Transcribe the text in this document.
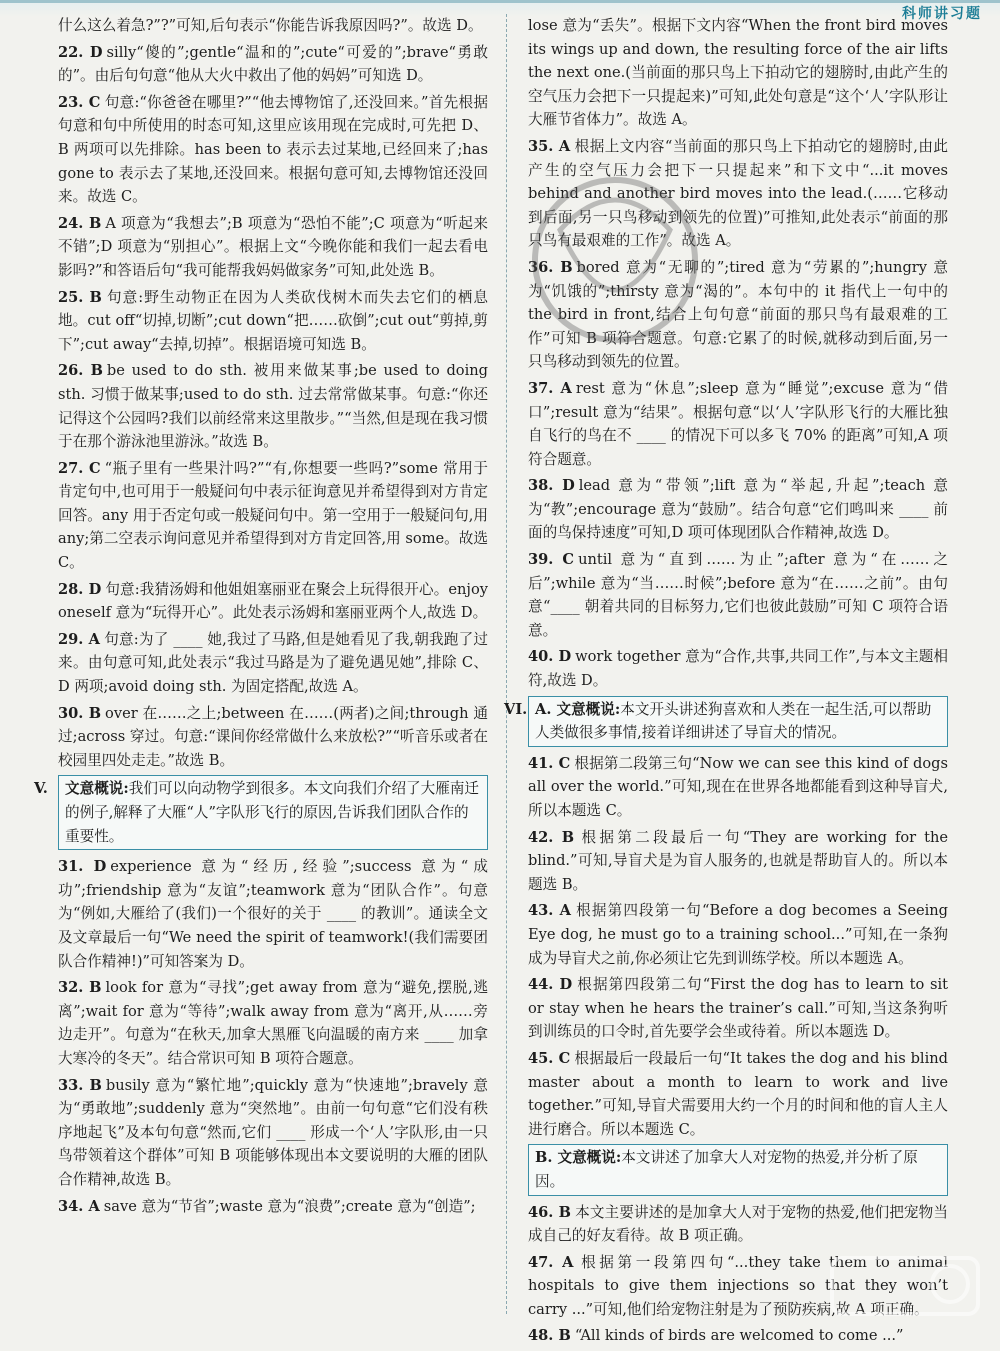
科师讲习题
什么这么着急?”?”可知,后句表示“你能告诉我原因吗?”。故选 D。
22. D silly“傻的”;gentle“温和的”;cute“可爱的”;brave“勇敢的”。由后句句意“他从大火中救出了他的妈妈”可知选 D。
23. C 句意:“你爸爸在哪里?”“他去博物馆了,还没回来。”首先根据句意和句中所使用的时态可知,这里应该用现在完成时,可先把 D、B 两项可以先排除。has been to 表示去过某地,已经回来了;has gone to 表示去了某地,还没回来。根据句意可知,去博物馆还没回来。故选 C。
24. B A 项意为“我想去”;B 项意为“恐怕不能”;C 项意为“听起来不错”;D 项意为“别担心”。根据上文“今晚你能和我们一起去看电影吗?”和答语后句“我可能帮我妈妈做家务”可知,此处选 B。
25. B 句意:野生动物正在因为人类砍伐树木而失去它们的栖息地。cut off“切掉,切断”;cut down“把……砍倒”;cut out“剪掉,剪下”;cut away“去掉,切掉”。根据语境可知选 B。
26. B be used to do sth. 被用来做某事;be used to doing sth. 习惯于做某事;used to do sth. 过去常常做某事。句意:“你还记得这个公园吗?我们以前经常来这里散步。”“当然,但是现在我习惯于在那个游泳池里游泳。”故选 B。
27. C “瓶子里有一些果汁吗?”“有,你想要一些吗?”some 常用于肯定句中,也可用于一般疑问句中表示征询意见并希望得到对方肯定回答。any 用于否定句或一般疑问句中。第一空用于一般疑问句,用 any;第二空表示询问意见并希望得到对方肯定回答,用 some。故选 C。
28. D 句意:我猜汤姆和他姐姐塞丽亚在聚会上玩得很开心。enjoy oneself 意为“玩得开心”。此处表示汤姆和塞丽亚两个人,故选 D。
29. A 句意:为了 ____ 她,我过了马路,但是她看见了我,朝我跑了过来。由句意可知,此处表示“我过马路是为了避免遇见她”,排除 C、D 两项;avoid doing sth. 为固定搭配,故选 A。
30. B over 在……之上;between 在……(两者)之间;through 通过;across 穿过。句意:“课间你经常做什么来放松?”“听音乐或者在校园里四处走走。”故选 B。
V.	文意概说:我们可以向动物学到很多。本文向我们介绍了大雁南迁的例子,解释了大雁“人”字队形飞行的原因,告诉我们团队合作的重要性。
31. D experience 意为“经历,经验”;success 意为“成功”;friendship 意为“友谊”;teamwork 意为“团队合作”。句意为“例如,大雁给了(我们)一个很好的关于 ____ 的教训”。通读全文及文章最后一句“We need the spirit of teamwork!(我们需要团队合作精神!)”可知答案为 D。
32. B look for 意为“寻找”;get away from 意为“避免,摆脱,逃离”;wait for 意为“等待”;walk away from 意为“离开,从……旁边走开”。句意为“在秋天,加拿大黑雁飞向温暖的南方来 ____ 加拿大寒冷的冬天”。结合常识可知 B 项符合题意。
33. B busily 意为“繁忙地”;quickly 意为“快速地”;bravely 意为“勇敢地”;suddenly 意为“突然地”。由前一句句意“它们没有秩序地起飞”及本句句意“然而,它们 ____ 形成一个‘人’字队形,由一只鸟带领着这个群体”可知 B 项能够体现出本文要说明的大雁的团队合作精神,故选 B。
34. A save 意为“节省”;waste 意为“浪费”;create 意为“创造”;
lose 意为“丢失”。根据下文内容“When the front bird moves its wings up and down, the resulting force of the air lifts the next one.(当前面的那只鸟上下拍动它的翅膀时,由此产生的空气压力会把下一只提起来)”可知,此处句意是“这个‘人’字队形让大雁节省体力”。故选 A。
35. A 根据上文内容“当前面的那只鸟上下拍动它的翅膀时,由此产生的空气压力会把下一只提起来”和下文中“...it moves behind and another bird moves into the lead.(……它移动到后面,另一只鸟移动到领先的位置)”可推知,此处表示“前面的那只鸟有最艰难的工作”。故选 A。
36. B bored 意为“无聊的”;tired 意为“劳累的”;hungry 意为“饥饿的”;thirsty 意为“渴的”。本句中的 it 指代上一句中的 the bird in front,结合上句句意“前面的那只鸟有最艰难的工作”可知 B 项符合题意。句意:它累了的时候,就移动到后面,另一只鸟移动到领先的位置。
37. A rest 意为“休息”;sleep 意为“睡觉”;excuse 意为“借口”;result 意为“结果”。根据句意“以‘人’字队形飞行的大雁比独自飞行的鸟在不 ____ 的情况下可以多飞 70% 的距离”可知,A 项符合题意。
38. D lead 意为“带领”;lift 意为“举起,升起”;teach 意为“教”;encourage 意为“鼓励”。结合句意“它们鸣叫来 ____ 前面的鸟保持速度”可知,D 项可体现团队合作精神,故选 D。
39. C until 意为“直到……为止”;after 意为“在……之后”;while 意为“当……时候”;before 意为“在……之前”。由句意“____ 朝着共同的目标努力,它们也彼此鼓励”可知 C 项符合语意。
40. D work together 意为“合作,共事,共同工作”,与本文主题相符,故选 D。
VI. A. 文意概说:本文开头讲述狗喜欢和人类在一起生活,可以帮助人类做很多事情,接着详细讲述了导盲犬的情况。
41. C 根据第二段第三句“Now we can see this kind of dogs all over the world.”可知,现在在世界各地都能看到这种导盲犬,所以本题选 C。
42. B 根据第二段最后一句“They are working for the blind.”可知,导盲犬是为盲人服务的,也就是帮助盲人的。所以本题选 B。
43. A 根据第四段第一句“Before a dog becomes a Seeing Eye dog, he must go to a training school...”可知,在一条狗成为导盲犬之前,你必须让它先到训练学校。所以本题选 A。
44. D 根据第四段第二句“First the dog has to learn to sit or stay when he hears the trainer’s call.”可知,当这条狗听到训练员的口令时,首先要学会坐或待着。所以本题选 D。
45. C 根据最后一段最后一句“It takes the dog and his blind master about a month to learn to work and live together.”可知,导盲犬需要用大约一个月的时间和他的盲人主人进行磨合。所以本题选 C。
B. 文意概说:本文讲述了加拿大人对宠物的热爱,并分析了原因。
46. B 本文主要讲述的是加拿大人对于宠物的热爱,他们把宠物当成自己的好友看待。故 B 项正确。
47. A 根据第一段第四句“...they take them to animal hospitals to give them injections so that they won’t carry ...”可知,他们给宠物注射是为了预防疾病,故 A 项正确。
48. B “All kinds of birds are welcomed to come ...”
